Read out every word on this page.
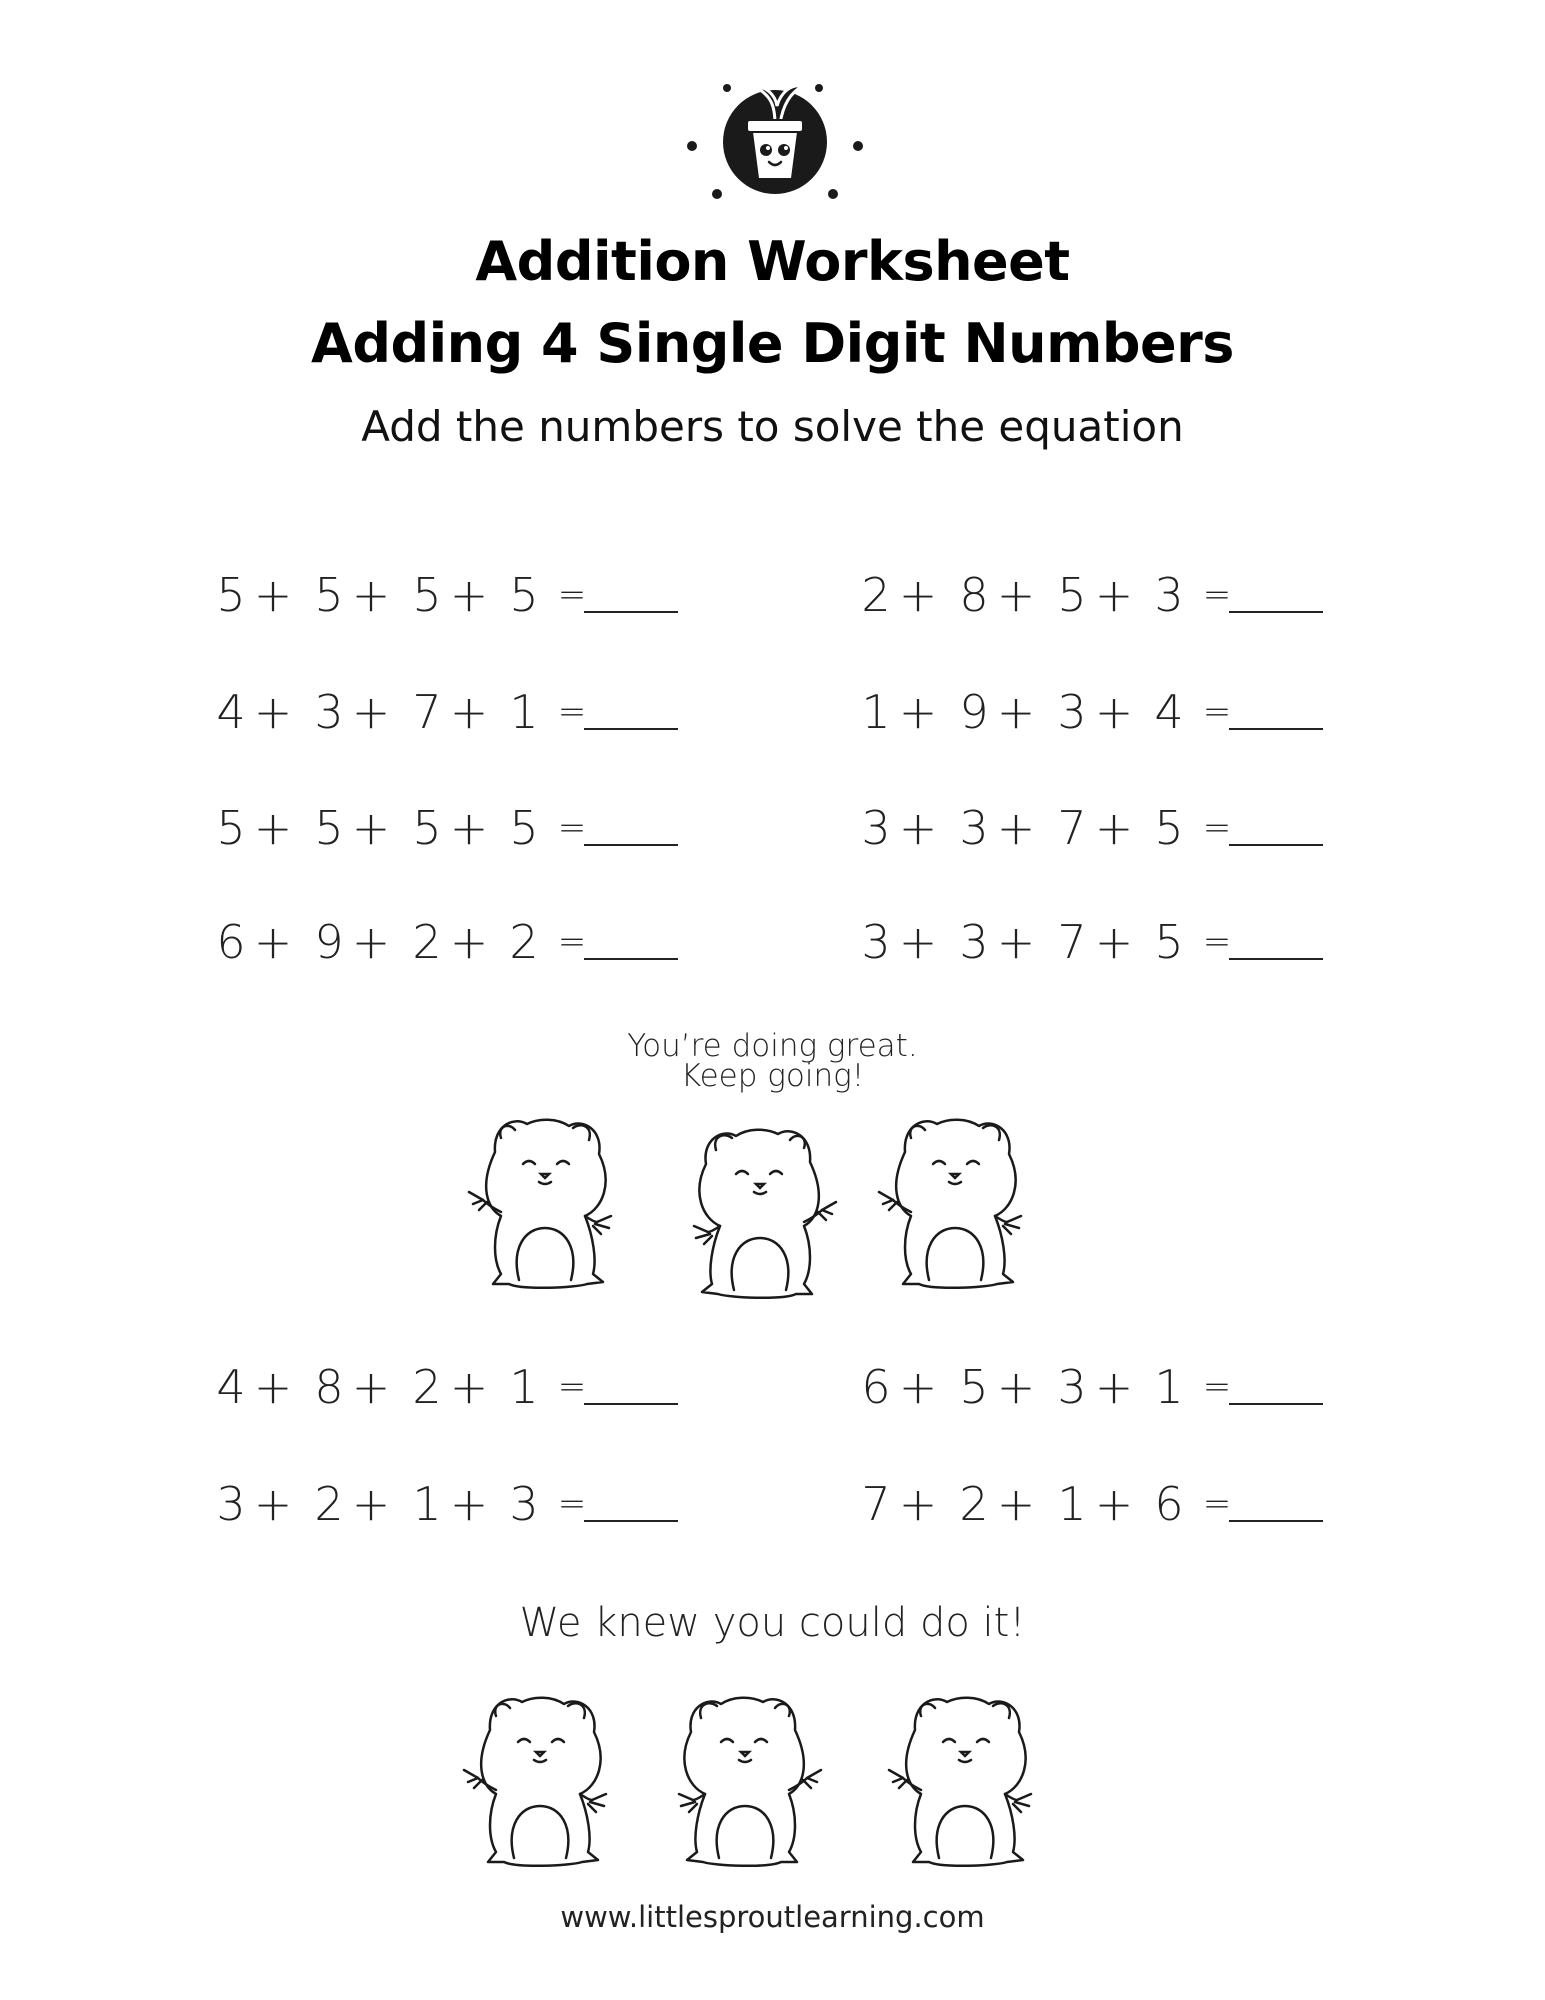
Addition Worksheet
Adding 4 Single Digit Numbers
Add the numbers to solve the equation
5 + 5 + 5 + 5 =	2 + 8 + 5 + 3 =
4 + 3 + 7 + 1 =	1 + 9 + 3 + 4 =
5 + 5 + 5 + 5 =	3 + 3 + 7 + 5 =
6 + 9 + 2 + 2 =	3 + 3 + 7 + 5 =
4 + 8 + 2 + 1 =	6 + 5 + 3 + 1 =
3 + 2 + 1 + 3 =	7 + 2 + 1 + 6 =
You’re doing great.
Keep going!
We knew you could do it!
www.littlesproutlearning.com
